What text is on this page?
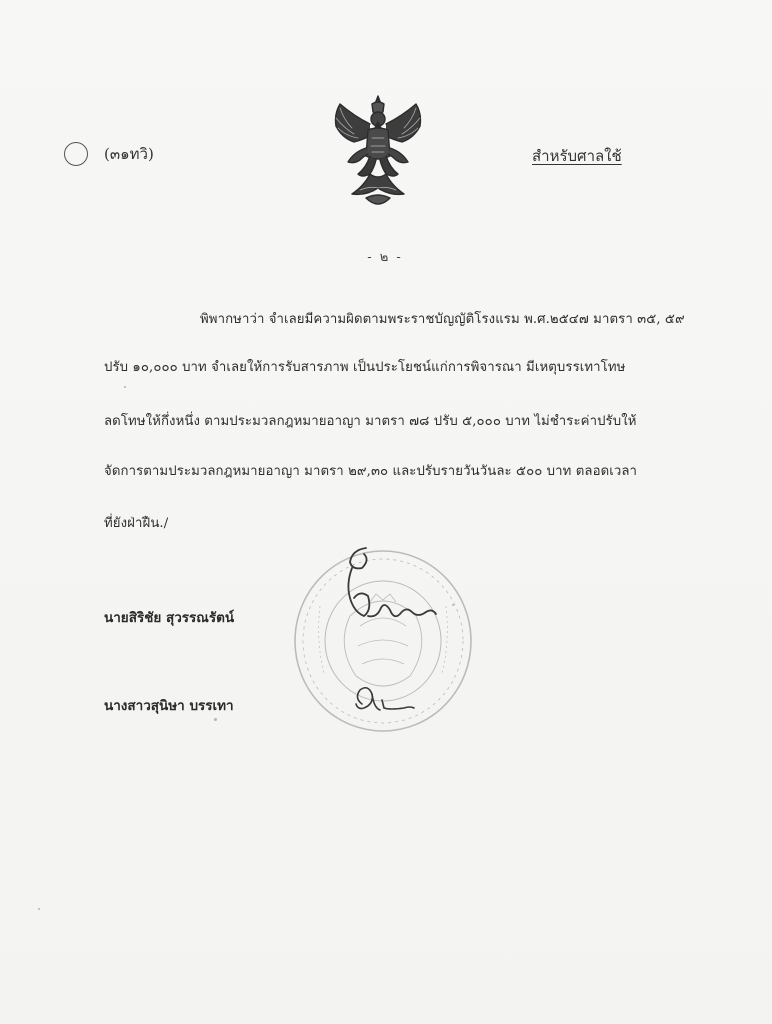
(๓๑ทวิ)	สำหรับศาลใช้
- ๒ -
พิพากษาว่า จำเลยมีความผิดตามพระราชบัญญัติโรงแรม พ.ศ.๒๕๔๗ มาตรา ๓๕, ๕๙
ปรับ ๑๐,๐๐๐ บาท จำเลยให้การรับสารภาพ เป็นประโยชน์แก่การพิจารณา มีเหตุบรรเทาโทษ
ลดโทษให้กึ่งหนึ่ง ตามประมวลกฎหมายอาญา มาตรา ๗๘ ปรับ ๕,๐๐๐ บาท ไม่ชำระค่าปรับให้
จัดการตามประมวลกฎหมายอาญา มาตรา ๒๙,๓๐ และปรับรายวันวันละ ๕๐๐ บาท ตลอดเวลา
ที่ยังฝ่าฝืน./
นายสิริชัย สุวรรณรัตน์
นางสาวสุนิษา บรรเทา
